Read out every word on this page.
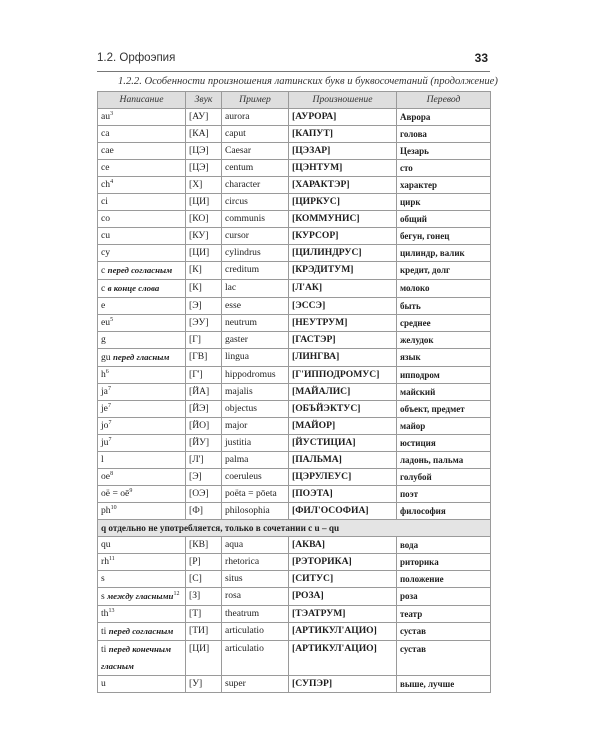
1.2. Орфоэпия	33
1.2.2. Особенности произношения латинских букв и буквосочетаний (продолжение)
Написание	Звук	Пример	Произношение	Перевод
$au^3$	[АУ]	aurora	[АУРОРА]	Аврора
ca	[КА]	caput	[КАПУТ]	голова
cae	[ЦЭ]	Caesar	[ЦЭЗАР]	Цезарь
ce	[ЦЭ]	centum	[ЦЭНТУМ]	сто
$ch^4$	[Х]	character	[ХАРАКТЭР]	характер
ci	[ЦИ]	circus	[ЦИРКУС]	цирк
co	[КО]	communis	[КОММУНИС]	общий
cu	[КУ]	cursor	[КУРСОР]	бегун, гонец
cy	[ЦИ]	cylindrus	[ЦИЛИНДРУС]	цилиндр, валик
с перед согласным	[К]	creditum	[КРЭДИТУМ]	кредит, долг
с в конце слова	[К]	lac	[Л'АК]	молоко
e	[Э]	esse	[ЭССЭ]	быть
$eu^5$	[ЭУ]	neutrum	[НЕУТРУМ]	среднее
g	[Г]	gaster	[ГАСТЭР]	желудок
gu перед гласным	[ГВ]	lingua	[ЛИНГВА]	язык
$h^6$	[Г']	hippodromus	[Г'ИППОДРОМУС]	ипподром
$ja^7$	[ЙА]	majalis	[МАЙАЛИС]	майский
$je^7$	[ЙЭ]	objectus	[ОБЪЙЭКТУС]	объект, предмет
$jo^7$	[ЙО]	major	[МАЙОР]	майор
$ju^7$	[ЙУ]	justitia	[ЙУСТИЦИА]	юстиция
l	[Л']	palma	[ПАЛЬМА]	ладонь, пальма
$oe^8$	[Э]	coeruleus	[ЦЭРУЛЕУС]	голубой
oë = $oē^9$	[ОЭ]	poёta = pōeta	[ПОЭТА]	поэт
$ph^{10}$	[Ф]	philosophia	[ФИЛ'ОСОФИА]	философия
q отдельно не употребляется, только в сочетании с u – qu				
qu	[КВ]	aqua	[АКВА]	вода
$rh^{11}$	[Р]	rhetorica	[РЭТОРИКА]	риторика
s	[С]	situs	[СИТУС]	положение
s между гласными$^{12}$	[З]	rosa	[РОЗА]	роза
$th^{13}$	[Т]	theatrum	[ТЭАТРУМ]	театр
ti перед согласным	[ТИ]	articulatio	[АРТИКУЛ'АЦИО]	сустав
ti перед конечным гласным	[ЦИ]	articulatio	[АРТИКУЛ'АЦИО]	сустав
u	[У]	super	[СУПЭР]	выше, лучше
